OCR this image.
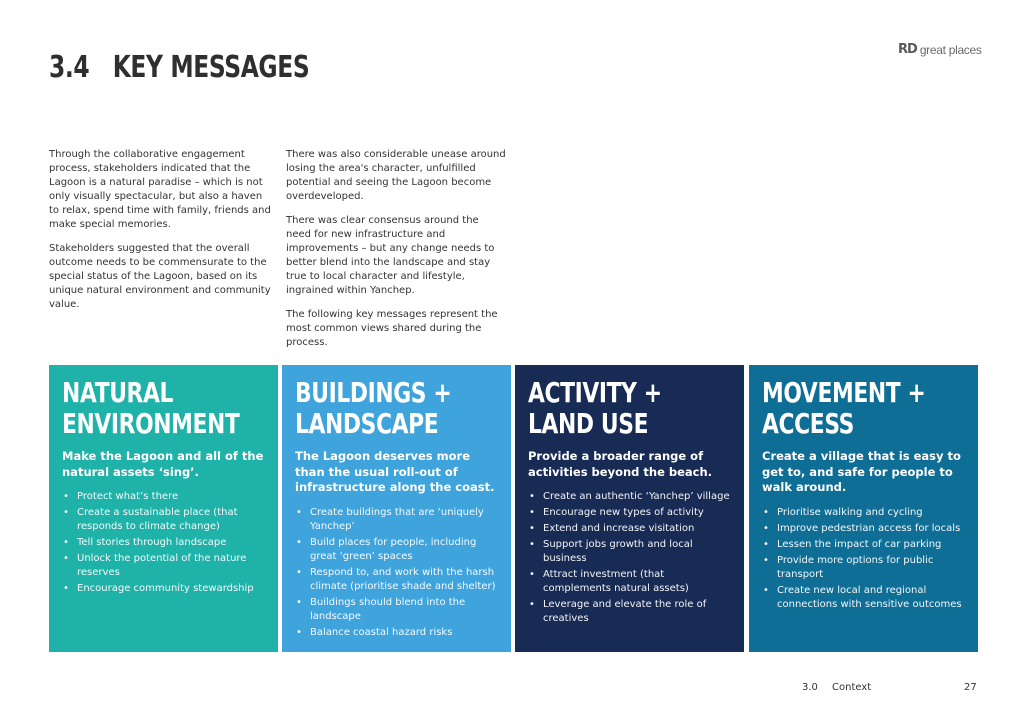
3.4 KEY MESSAGES
RD great places

Through the collaborative engagement process, stakeholders indicated that the Lagoon is a natural paradise – which is not only visually spectacular, but also a haven to relax, spend time with family, friends and make special memories.

Stakeholders suggested that the overall outcome needs to be commensurate to the special status of the Lagoon, based on its unique natural environment and community value.

There was also considerable unease around losing the area's character, unfulfilled potential and seeing the Lagoon become overdeveloped.

There was clear consensus around the need for new infrastructure and improvements – but any change needs to better blend into the landscape and stay true to local character and lifestyle, ingrained within Yanchep.

The following key messages represent the most common views shared during the process.

NATURAL
ENVIRONMENT

Make the Lagoon and all of the natural assets ‘sing’.

• Protect what’s there
• Create a sustainable place (that responds to climate change)
• Tell stories through landscape
• Unlock the potential of the nature reserves
• Encourage community stewardship
BUILDINGS +
LANDSCAPE

The Lagoon deserves more than the usual roll-out of infrastructure along the coast.

• Create buildings that are ‘uniquely Yanchep’
• Build places for people, including great ‘green’ spaces
• Respond to, and work with the harsh climate (prioritise shade and shelter)
• Buildings should blend into the landscape
• Balance coastal hazard risks
ACTIVITY +
LAND USE

Provide a broader range of activities beyond the beach.

• Create an authentic ‘Yanchep’ village
• Encourage new types of activity
• Extend and increase visitation
• Support jobs growth and local business
• Attract investment (that complements natural assets)
• Leverage and elevate the role of creatives
MOVEMENT +
ACCESS

Create a village that is easy to get to, and safe for people to walk around.

• Prioritise walking and cycling
• Improve pedestrian access for locals
• Lessen the impact of car parking
• Provide more options for public transport
• Create new local and regional connections with sensitive outcomes
3.0 Context	27
